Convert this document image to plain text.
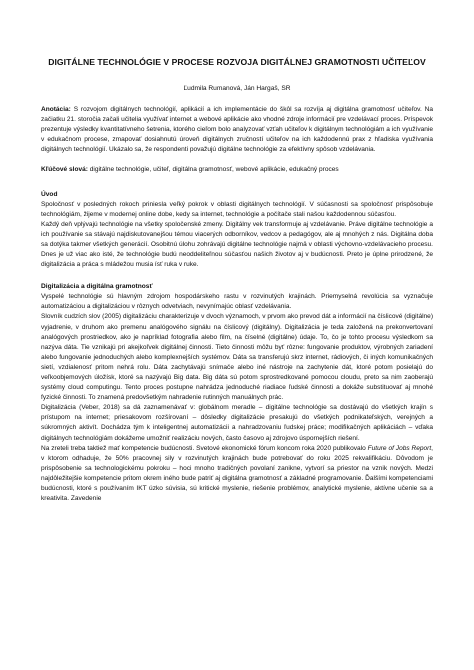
DIGITÁLNE TECHNOLÓGIE V PROCESE ROZVOJA DIGITÁLNEJ GRAMOTNOSTI UČITEĽOV
Ľudmila Rumanová, Ján Hargaš, SR

Anotácia: S rozvojom digitálnych technológií, aplikácií a ich implementácie do škôl sa rozvíja aj digitálna gramotnosť učiteľov. Na začiatku 21. storočia začali učitelia využívať internet a webové aplikácie ako vhodné zdroje informácií pre vzdelávací proces. Príspevok prezentuje výsledky kvantitatívneho šetrenia, ktorého cieľom bolo analyzovať vzťah učiteľov k digitálnym technológiám a ich využívanie v edukačnom procese, zmapovať dosiahnutú úroveň digitálnych zručností učiteľov na ich každodennú prax z hľadiska využívania digitálnych technológií. Ukázalo sa, že respondenti považujú digitálne technológie za efektívny spôsob vzdelávania.

Kľúčové slová: digitálne technológie, učiteľ, digitálna gramotnosť, webové aplikácie, edukačný proces

Úvod

Spoločnosť v posledných rokoch priniesla veľký pokrok v oblasti digitálnych technológií. V súčasnosti sa spoločnosť prispôsobuje technológiám, žijeme v modernej online dobe, kedy sa internet, technológie a počítače stali našou každodennou súčasťou.

Každý deň vplývajú technológie na všetky spoločenské zmeny. Digitálny vek transformuje aj vzdelávanie. Práve digitálne technológie a ich používanie sa stávajú najdiskutovanejšou témou viacerých odborníkov, vedcov a pedagógov, ale aj mnohých z nás. Digitálna doba sa dotýka takmer všetkých generácií. Osobitnú úlohu zohrávajú digitálne technológie najmä v oblasti výchovno-vzdelávacieho procesu. Dnes je už viac ako isté, že technológie budú neoddeliteľnou súčasťou našich životov aj v budúcnosti. Preto je úplne prirodzené, že digitalizácia a práca s mládežou musia ísť ruka v ruke.

Digitalizácia a digitálna gramotnosť

Vyspelé technológie sú hlavným zdrojom hospodárskeho rastu v rozvinutých krajinách. Priemyselná revolúcia sa vyznačuje automatizáciou a digitalizáciou v rôznych odvetviach, nevynímajúc oblasť vzdelávania.

Slovník cudzích slov (2005) digitalizáciu charakterizuje v dvoch významoch, v prvom ako prevod dát a informácií na číslicové (digitálne) vyjadrenie, v druhom ako premenu analógového signálu na číslicový (digitálny). Digitalizácia je teda založená na prekonvertovaní analógových prostriedkov, ako je napríklad fotografia alebo film, na číselné (digitálne) údaje. To, čo je tohto procesu výsledkom sa nazýva dáta. Tie vznikajú pri akejkoľvek digitálnej činnosti. Tieto činnosti môžu byť rôzne: fungovanie produktov, výrobných zariadení alebo fungovanie jednoduchých alebo komplexnejších systémov. Dáta sa transferujú skrz internet, rádiových, či iných komunikačných sietí, vzdialenosť pritom nehrá rolu. Dáta zachytávajú snímače alebo iné nástroje na zachytenie dát, ktoré potom posielajú do veľkoobjemových úložísk, ktoré sa nazývajú Big data. Big dáta sú potom sprostredkované pomocou cloudu, preto sa nim zaoberajú systémy cloud computingu. Tento proces postupne nahrádza jednoduché riadiace ľudské činnosti a dokáže substituovať aj mnohé fyzické činnosti. To znamená predovšetkým nahradenie rutinných manuálnych prác.

Digitalizácia (Veber, 2018) sa dá zaznamenávať v: globálnom meradle – digitálne technológie sa dostávajú do všetkých krajín s prístupom na internet; priesakovom rozšírovaní – dôsledky digitalizácie presakujú do všetkých podnikateľských, verejných a súkromných aktivít. Dochádza tým k inteligentnej automatizácii a nahradzovaniu ľudskej práce; modifikačných aplikáciách – vďaka digitálnych technológiám dokážeme umožniť realizáciu nových, často časovo aj zdrojovo úspornejších riešení.

Na zreteli treba taktiež mať kompetencie budúcnosti. Svetové ekonomické fórum koncom roka 2020 publikovalo Future of Jobs Report, v ktorom odhaduje, že 50% pracovnej sily v rozvinutých krajinách bude potrebovať do roku 2025 rekvalifikáciu. Dôvodom je prispôsobenie sa technologickému pokroku – hoci mnoho tradičných povolaní zanikne, vytvorí sa priestor na vznik nových. Medzi najdôležitejšie kompetencie pritom okrem iného bude patriť aj digitálna gramotnosť a základné programovanie. Ďalšími kompetenciami budúcnosti, ktoré s používaním IKT úzko súvisia, sú kritické myslenie, riešenie problémov, analytické myslenie, aktívne učenie sa a kreativita. Zavedenie
